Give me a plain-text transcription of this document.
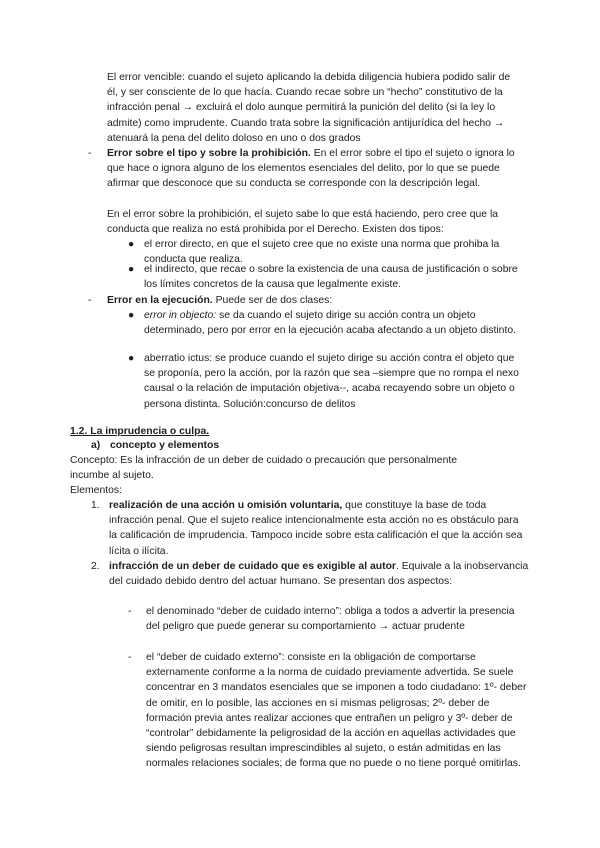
El error vencible: cuando el sujeto aplicando la debida diligencia hubiera podido salir de él, y ser consciente de lo que hacía. Cuando recae sobre un “hecho” constitutivo de la infracción penal → excluirá el dolo aunque permitirá la punición del delito (si la ley lo admite) como imprudente. Cuando trata sobre la significación antijurídica del hecho → atenuará la pena del delito doloso en uno o dos grados

-	Error sobre el tipo y sobre la prohibición. En el error sobre el tipo el sujeto o ignora lo que hace o ignora alguno de los elementos esenciales del delito, por lo que se puede afirmar que desconoce que su conducta se corresponde con la descripción legal.

En el error sobre la prohibición, el sujeto sabe lo que está haciendo, pero cree que la conducta que realiza no está prohibida por el Derecho. Existen dos tipos:

● el error directo, en que el sujeto cree que no existe una norma que prohiba la conducta que realiza.

● el indirecto, que recae o sobre la existencia de una causa de justificación o sobre los límites concretos de la causa que legalmente existe.

-	Error en la ejecución. Puede ser de dos clases:

● error in objecto: se da cuando el sujeto dirige su acción contra un objeto determinado, pero por error en la ejecución acaba afectando a un objeto distinto.

● aberratio ictus: se produce cuando el sujeto dirige su acción contra el objeto que se proponía, pero la acción, por la razón que sea –siempre que no rompa el nexo causal o la relación de imputación objetiva--, acaba recayendo sobre un objeto o persona distinta. Solución:concurso de delitos

1.2. La imprudencia o culpa.

a) concepto y elementos

Concepto: Es la infracción de un deber de cuidado o precaución que personalmente incumbe al sujeto.

Elementos:

1. realización de una acción u omisión voluntaria, que constituye la base de toda infracción penal. Que el sujeto realice intencionalmente esta acción no es obstáculo para la calificación de imprudencia. Tampoco incide sobre esta calificación el que la acción sea lícita o ilícita.

2. infracción de un deber de cuidado que es exigible al autor. Equivale a la inobservancia del cuidado debido dentro del actuar humano. Se presentan dos aspectos:

-	el denominado “deber de cuidado interno”: obliga a todos a advertir la presencia del peligro que puede generar su comportamiento → actuar prudente

-	el “deber de cuidado externo”: consiste en la obligación de comportarse externamente conforme a la norma de cuidado previamente advertida. Se suele concentrar en 3 mandatos esenciales que se imponen a todo ciudadano: 1º- deber de omitir, en lo posible, las acciones en sí mismas peligrosas; 2º- deber de formación previa antes realizar acciones que entrañen un peligro y 3º- deber de “controlar” debidamente la peligrosidad de la acción en aquellas actividades que siendo peligrosas resultan imprescindibles al sujeto, o están admitidas en las normales relaciones sociales; de forma que no puede o no tiene porqué omitirlas.
